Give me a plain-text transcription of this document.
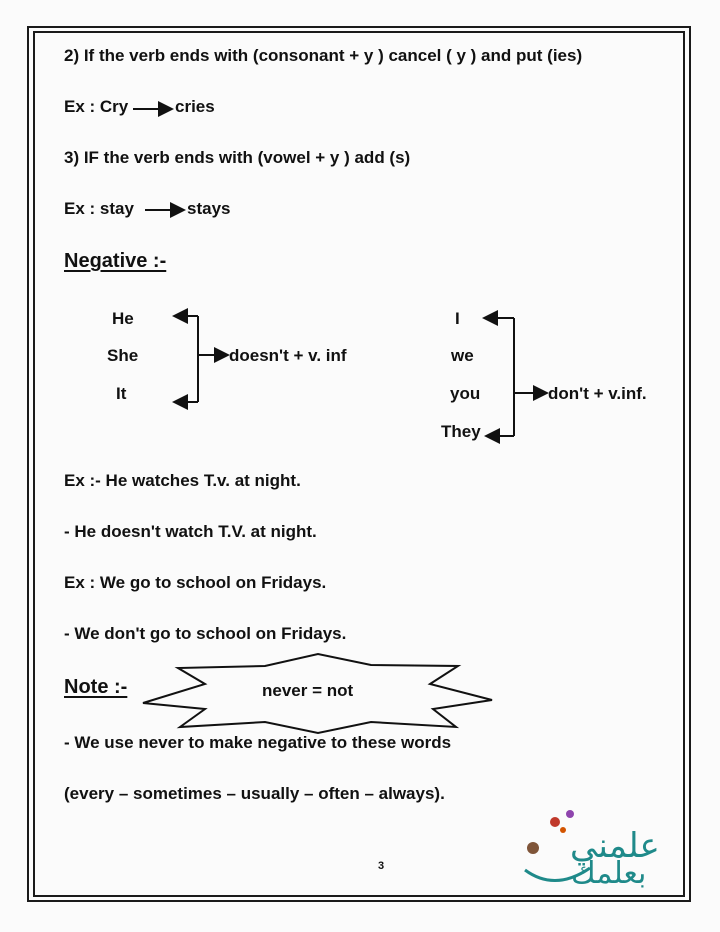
2) If the verb ends with (consonant + y ) cancel ( y ) and put (ies)
Ex : Cry	cries
3) IF the verb ends with (vowel + y ) add (s)
Ex : stay	stays
Negative :-
He
She
It
doesn't + v. inf
I
we
you
They
don't + v.inf.
Ex :- He watches T.v. at night.
- He doesn't watch T.V. at night.
Ex : We go to school on Fridays.
- We don't go to school on Fridays.
Note :-	never = not
- We use never to make negative to these words
(every – sometimes – usually – often – always).
3	علمني
بعلمك
